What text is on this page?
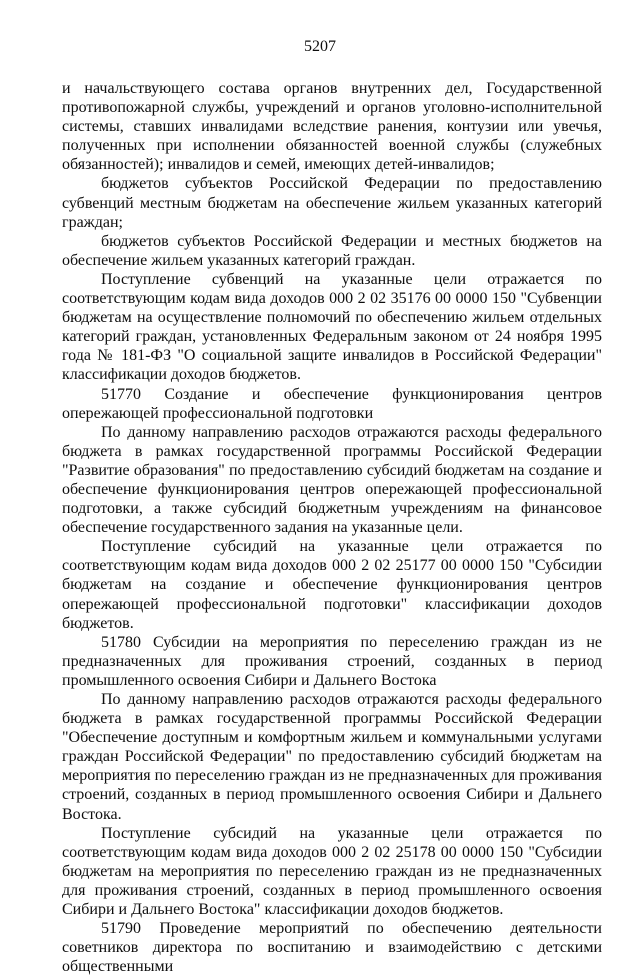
5207

и начальствующего состава органов внутренних дел, Государственной противопожарной службы, учреждений и органов уголовно-исполнительной системы, ставших инвалидами вследствие ранения, контузии или увечья, полученных при исполнении обязанностей военной службы (служебных обязанностей); инвалидов и семей, имеющих детей-инвалидов;

бюджетов субъектов Российской Федерации по предоставлению субвенций местным бюджетам на обеспечение жильем указанных категорий граждан;

бюджетов субъектов Российской Федерации и местных бюджетов на обеспечение жильем указанных категорий граждан.

Поступление субвенций на указанные цели отражается по соответствующим кодам вида доходов 000 2 02 35176 00 0000 150 "Субвенции бюджетам на осуществление полномочий по обеспечению жильем отдельных категорий граждан, установленных Федеральным законом от 24 ноября 1995 года № 181-ФЗ "О социальной защите инвалидов в Российской Федерации" классификации доходов бюджетов.

51770 Создание и обеспечение функционирования центров опережающей профессиональной подготовки

По данному направлению расходов отражаются расходы федерального бюджета в рамках государственной программы Российской Федерации "Развитие образования" по предоставлению субсидий бюджетам на создание и обеспечение функционирования центров опережающей профессиональной подготовки, а также субсидий бюджетным учреждениям на финансовое обеспечение государственного задания на указанные цели.

Поступление субсидий на указанные цели отражается по соответствующим кодам вида доходов 000 2 02 25177 00 0000 150 "Субсидии бюджетам на создание и обеспечение функционирования центров опережающей профессиональной подготовки" классификации доходов бюджетов.

51780 Субсидии на мероприятия по переселению граждан из не предназначенных для проживания строений, созданных в период промышленного освоения Сибири и Дальнего Востока

По данному направлению расходов отражаются расходы федерального бюджета в рамках государственной программы Российской Федерации "Обеспечение доступным и комфортным жильем и коммунальными услугами граждан Российской Федерации" по предоставлению субсидий бюджетам на мероприятия по переселению граждан из не предназначенных для проживания строений, созданных в период промышленного освоения Сибири и Дальнего Востока.

Поступление субсидий на указанные цели отражается по соответствующим кодам вида доходов 000 2 02 25178 00 0000 150 "Субсидии бюджетам на мероприятия по переселению граждан из не предназначенных для проживания строений, созданных в период промышленного освоения Сибири и Дальнего Востока" классификации доходов бюджетов.

51790 Проведение мероприятий по обеспечению деятельности советников директора по воспитанию и взаимодействию с детскими общественными
